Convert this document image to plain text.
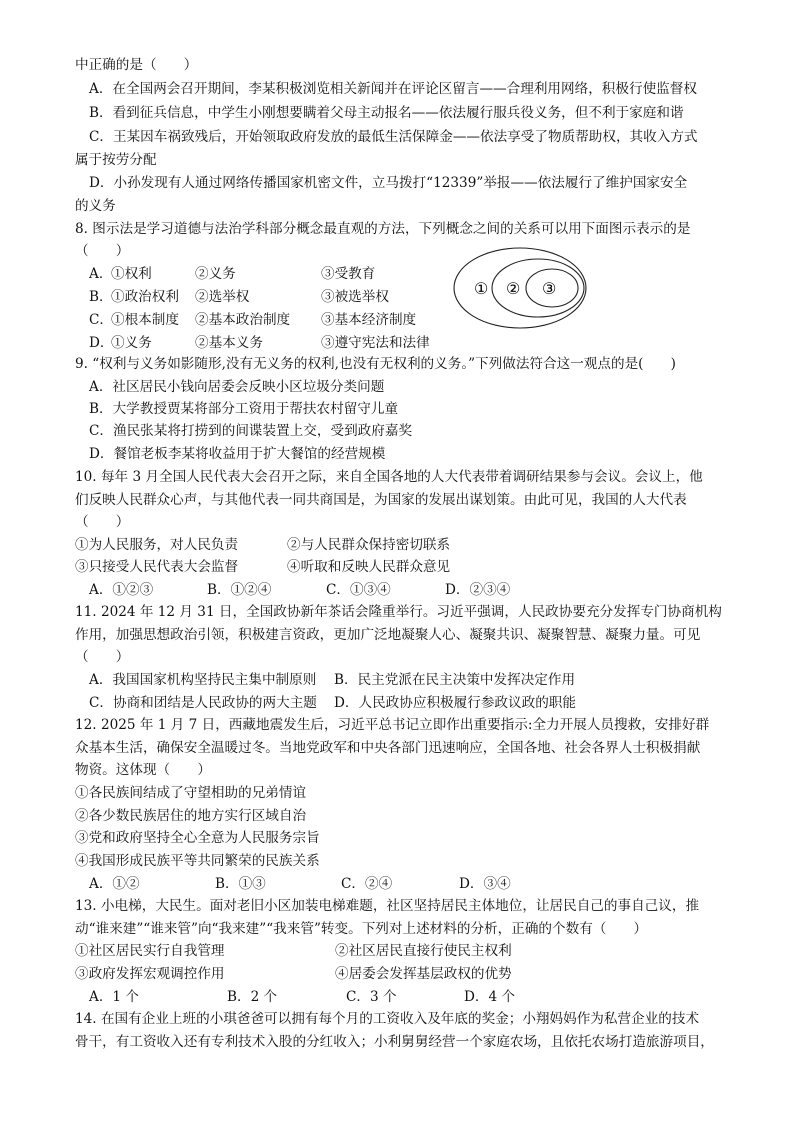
中正确的是（　　）
A．在全国两会召开期间，李某积极浏览相关新闻并在评论区留言——合理利用网络，积极行使监督权
B．看到征兵信息，中学生小刚想要瞒着父母主动报名——依法履行服兵役义务，但不利于家庭和谐
C．王某因车祸致残后，开始领取政府发放的最低生活保障金——依法享受了物质帮助权，其收入方式
属于按劳分配
D．小孙发现有人通过网络传播国家机密文件，立马拨打“12339”举报——依法履行了维护国家安全
的义务
8. 图示法是学习道德与法治学科部分概念最直观的方法，下列概念之间的关系可以用下面图示表示的是
（　　）
A．
①权利	②义务	③受教育
B．
①政治权利 ②选举权	③被选举权
C．
①根本制度 ②基本政治制度 ③基本经济制度
D．
①义务	②基本义务	③遵守宪法和法律
① ② ③
9. “权利与义务如影随形,没有无义务的权利,也没有无权利的义务。”下列做法符合这一观点的是(　　)
A．社区居民小钱向居委会反映小区垃圾分类问题
B．大学教授贾某将部分工资用于帮扶农村留守儿童
C．渔民张某将打捞到的间谍装置上交，受到政府嘉奖
D．餐馆老板李某将收益用于扩大餐馆的经营规模
10. 每年 3 月全国人民代表大会召开之际，来自全国各地的人大代表带着调研结果参与会议。会议上，他
们反映人民群众心声，与其他代表一同共商国是，为国家的发展出谋划策。由此可见，我国的人大代表
（　　）
①为人民服务，对人民负责	②与人民群众保持密切联系
③只接受人民代表大会监督	④听取和反映人民群众意见
A．①②③	B．①②④	C．①③④	D．②③④
11. 2024 年 12 月 31 日，全国政协新年茶话会隆重举行。习近平强调，人民政协要充分发挥专门协商机构
作用，加强思想政治引领，积极建言资政，更加广泛地凝聚人心、凝聚共识、凝聚智慧、凝聚力量。可见
（　　）
A．我国国家机构坚持民主集中制原则 B．民主党派在民主决策中发挥决定作用
C．协商和团结是人民政协的两大主题 D．人民政协应积极履行参政议政的职能
12. 2025 年 1 月 7 日，西藏地震发生后，习近平总书记立即作出重要指示:全力开展人员搜救，安排好群
众基本生活，确保安全温暖过冬。当地党政军和中央各部门迅速响应，全国各地、社会各界人士积极捐献
物资。这体现（　　）
①各民族间结成了守望相助的兄弟情谊
②各少数民族居住的地方实行区域自治
③党和政府坚持全心全意为人民服务宗旨
④我国形成民族平等共同繁荣的民族关系
A．①②	B．①③	C．②④	D．③④
13. 小电梯，大民生。面对老旧小区加装电梯难题，社区坚持居民主体地位，让居民自己的事自己议，推
动“谁来建”“谁来管”向“我来建”“我来管”转变。下列对上述材料的分析，正确的个数有（　　）
①社区居民实行自我管理	②社区居民直接行使民主权利
③政府发挥宏观调控作用	④居委会发挥基层政权的优势
A．1 个	B．2 个	C．3 个	D．4 个
14. 在国有企业上班的小琪爸爸可以拥有每个月的工资收入及年底的奖金；小翔妈妈作为私营企业的技术
骨干，有工资收入还有专利技术入股的分红收入；小利舅舅经营一个家庭农场，且依托农场打造旅游项目，
